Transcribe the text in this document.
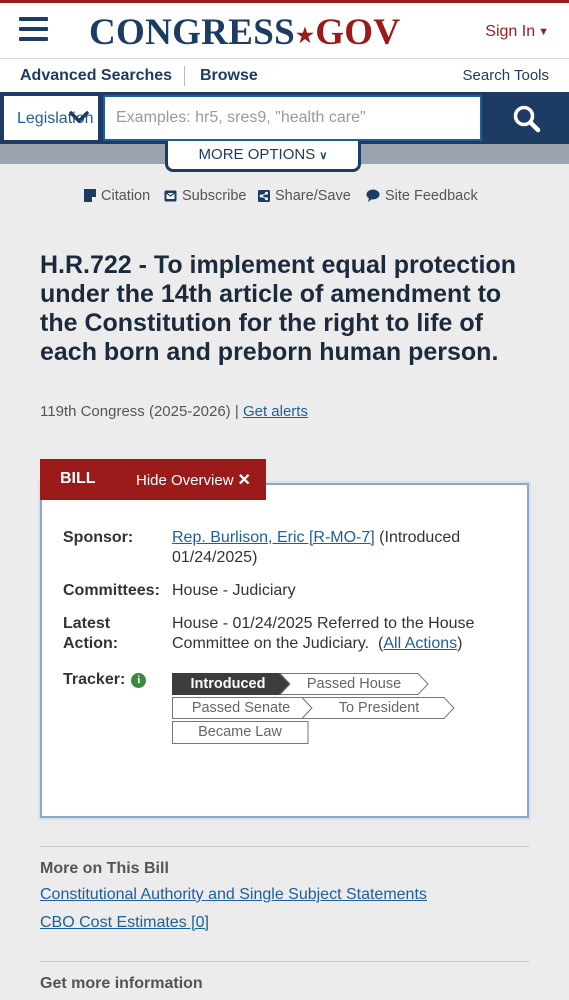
CONGRESS★GOV	Sign In ▼
Advanced Searches Browse	Search Tools
Legislation
Examples: hr5, sres9, "health care"
MORE OPTIONS ∨
Citation	Subscribe	Share/Save	Site Feedback
H.R.722 - To implement equal protection under the 14th article of amendment to the Constitution for the right to life of each born and preborn human person.
119th Congress (2025-2026) | Get alerts
BILL	Hide Overview ✕
Sponsor: Rep. Burlison, Eric [R-MO-7] (Introduced 01/24/2025)
Committees: House - Judiciary
Latest
Action:
House - 01/24/2025 Referred to the House Committee on the Judiciary. (All Actions)
Tracker: i	Introduced	Passed House
Passed Senate	To President
Became Law
More on This Bill
Constitutional Authority and Single Subject Statements
CBO Cost Estimates [0]
Get more information
